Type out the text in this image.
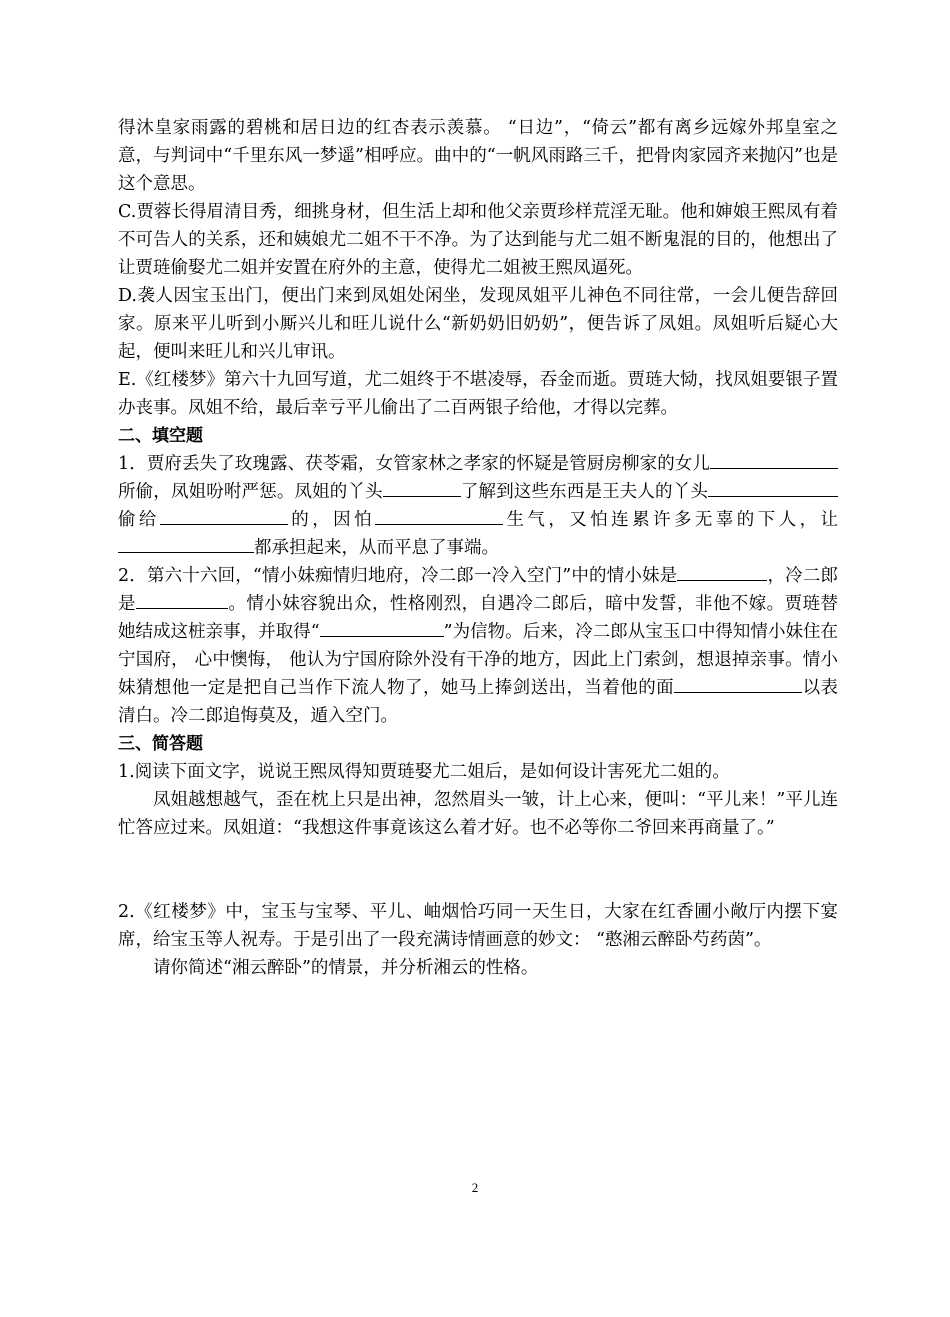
得沐皇家雨露的碧桃和居日边的红杏表示羡慕。 “日边”，“倚云”都有离乡远嫁外邦皇室之意，与判词中“千里东风一梦遥”相呼应。曲中的“一帆风雨路三千，把骨肉家园齐来抛闪”也是这个意思。

C.贾蓉长得眉清目秀，细挑身材，但生活上却和他父亲贾珍样荒淫无耻。他和婶娘王熙凤有着不可告人的关系，还和姨娘尤二姐不干不净。为了达到能与尤二姐不断鬼混的目的，他想出了让贾琏偷娶尤二姐并安置在府外的主意，使得尤二姐被王熙凤逼死。

D.袭人因宝玉出门，便出门来到凤姐处闲坐，发现凤姐平儿神色不同往常，一会儿便告辞回家。原来平儿听到小厮兴儿和旺儿说什么“新奶奶旧奶奶”，便告诉了凤姐。凤姐听后疑心大起，便叫来旺儿和兴儿审讯。

E.《红楼梦》第六十九回写道，尤二姐终于不堪凌辱，吞金而逝。贾琏大恸，找凤姐要银子置办丧事。凤姐不给，最后幸亏平儿偷出了二百两银子给他，才得以完葬。

二、填空题

1．贾府丢失了玫瑰露、茯苓霜，女管家林之孝家的怀疑是管厨房柳家的女儿所偷，凤姐吩咐严惩。凤姐的丫头	了解到这些东西是王夫人的丫头偷给	的，因怕	生气，又怕连累许多无辜的下人，让都承担起来，从而平息了事端。

2．第六十六回，“情小妹痴情归地府，冷二郎一冷入空门”中的情小妹是	，冷二郎是	。情小妹容貌出众，性格刚烈，自遇冷二郎后，暗中发誓，非他不嫁。贾琏替她结成这桩亲事，并取得“	”为信物。后来，冷二郎从宝玉口中得知情小妹住在宁国府， 心中懊悔， 他认为宁国府除外没有干净的地方，因此上门索剑，想退掉亲事。情小妹猜想他一定是把自己当作下流人物了，她马上捧剑送出，当着他的面	以表清白。冷二郎追悔莫及，遁入空门。

三、简答题

1.阅读下面文字，说说王熙凤得知贾琏娶尤二姐后，是如何设计害死尤二姐的。

凤姐越想越气，歪在枕上只是出神，忽然眉头一皱，计上心来，便叫：“平儿来！”平儿连忙答应过来。凤姐道：“我想这件事竟该这么着才好。也不必等你二爷回来再商量了。”

2.《红楼梦》中，宝玉与宝琴、平儿、岫烟恰巧同一天生日，大家在红香圃小敞厅内摆下宴席，给宝玉等人祝寿。于是引出了一段充满诗情画意的妙文： “憨湘云醉卧芍药茵”。

请你简述“湘云醉卧”的情景，并分析湘云的性格。

2
